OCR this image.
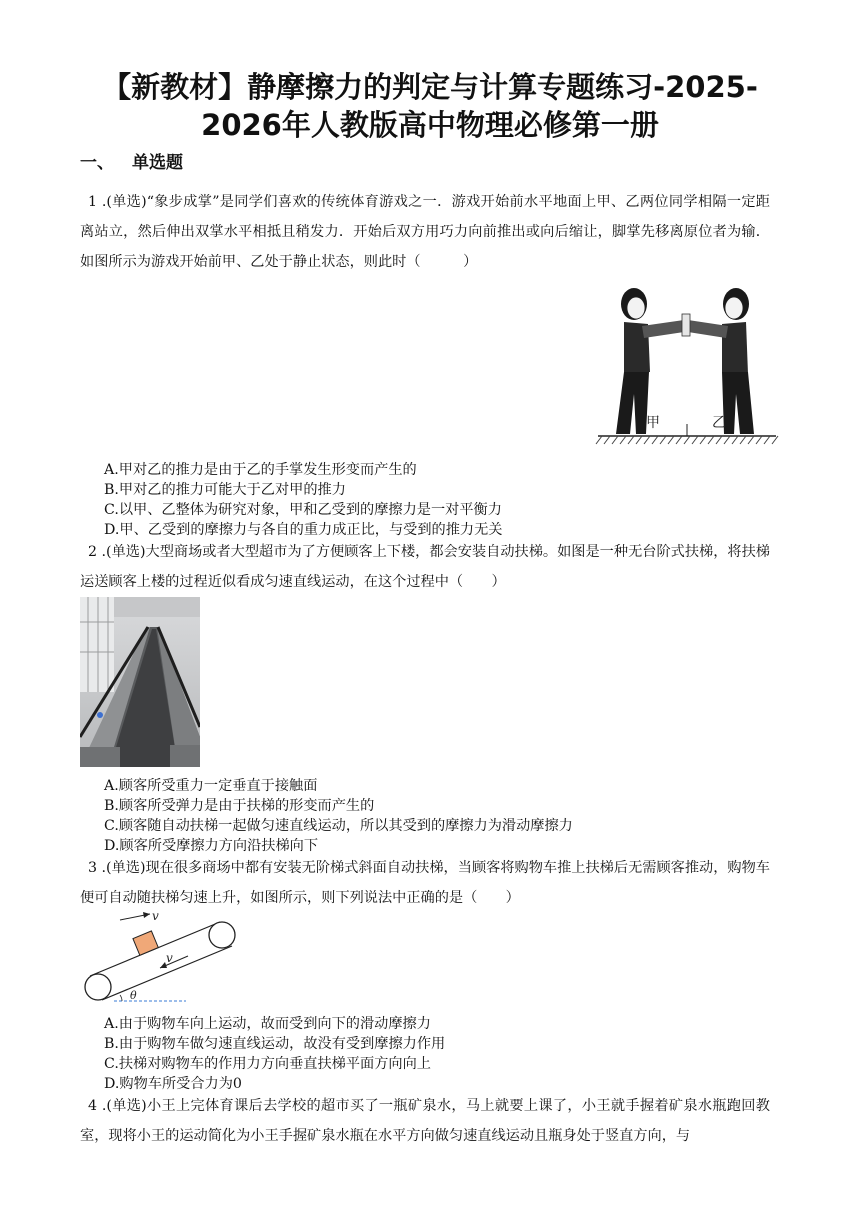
【新教材】静摩擦力的判定与计算专题练习-2025-
2026年人教版高中物理必修第一册
一、 单选题
1 .(单选)“象步成掌”是同学们喜欢的传统体育游戏之一．游戏开始前水平地面上甲、乙两位同学相隔一定距离站立，然后伸出双掌水平相抵且稍发力．开始后双方用巧力向前推出或向后缩让，脚掌先移离原位者为输．如图所示为游戏开始前甲、乙处于静止状态，则此时（　　　）
甲	乙
A.甲对乙的推力是由于乙的手掌发生形变而产生的
B.甲对乙的推力可能大于乙对甲的推力
C.以甲、乙整体为研究对象，甲和乙受到的摩擦力是一对平衡力
D.甲、乙受到的摩擦力与各自的重力成正比，与受到的推力无关
2 .(单选)大型商场或者大型超市为了方便顾客上下楼，都会安装自动扶梯。如图是一种无台阶式扶梯，将扶梯运送顾客上楼的过程近似看成匀速直线运动，在这个过程中（　　）
A.顾客所受重力一定垂直于接触面
B.顾客所受弹力是由于扶梯的形变而产生的
C.顾客随自动扶梯一起做匀速直线运动，所以其受到的摩擦力为滑动摩擦力
D.顾客所受摩擦力方向沿扶梯向下
3 .(单选)现在很多商场中都有安装无阶梯式斜面自动扶梯，当顾客将购物车推上扶梯后无需顾客推动，购物车便可自动随扶梯匀速上升，如图所示，则下列说法中正确的是（　　）
v
v
θ
A.由于购物车向上运动，故而受到向下的滑动摩擦力
B.由于购物车做匀速直线运动，故没有受到摩擦力作用
C.扶梯对购物车的作用力方向垂直扶梯平面方向向上
D.购物车所受合力为0
4 .(单选)小王上完体育课后去学校的超市买了一瓶矿泉水，马上就要上课了，小王就手握着矿泉水瓶跑回教室，现将小王的运动简化为小王手握矿泉水瓶在水平方向做匀速直线运动且瓶身处于竖直方向，与
